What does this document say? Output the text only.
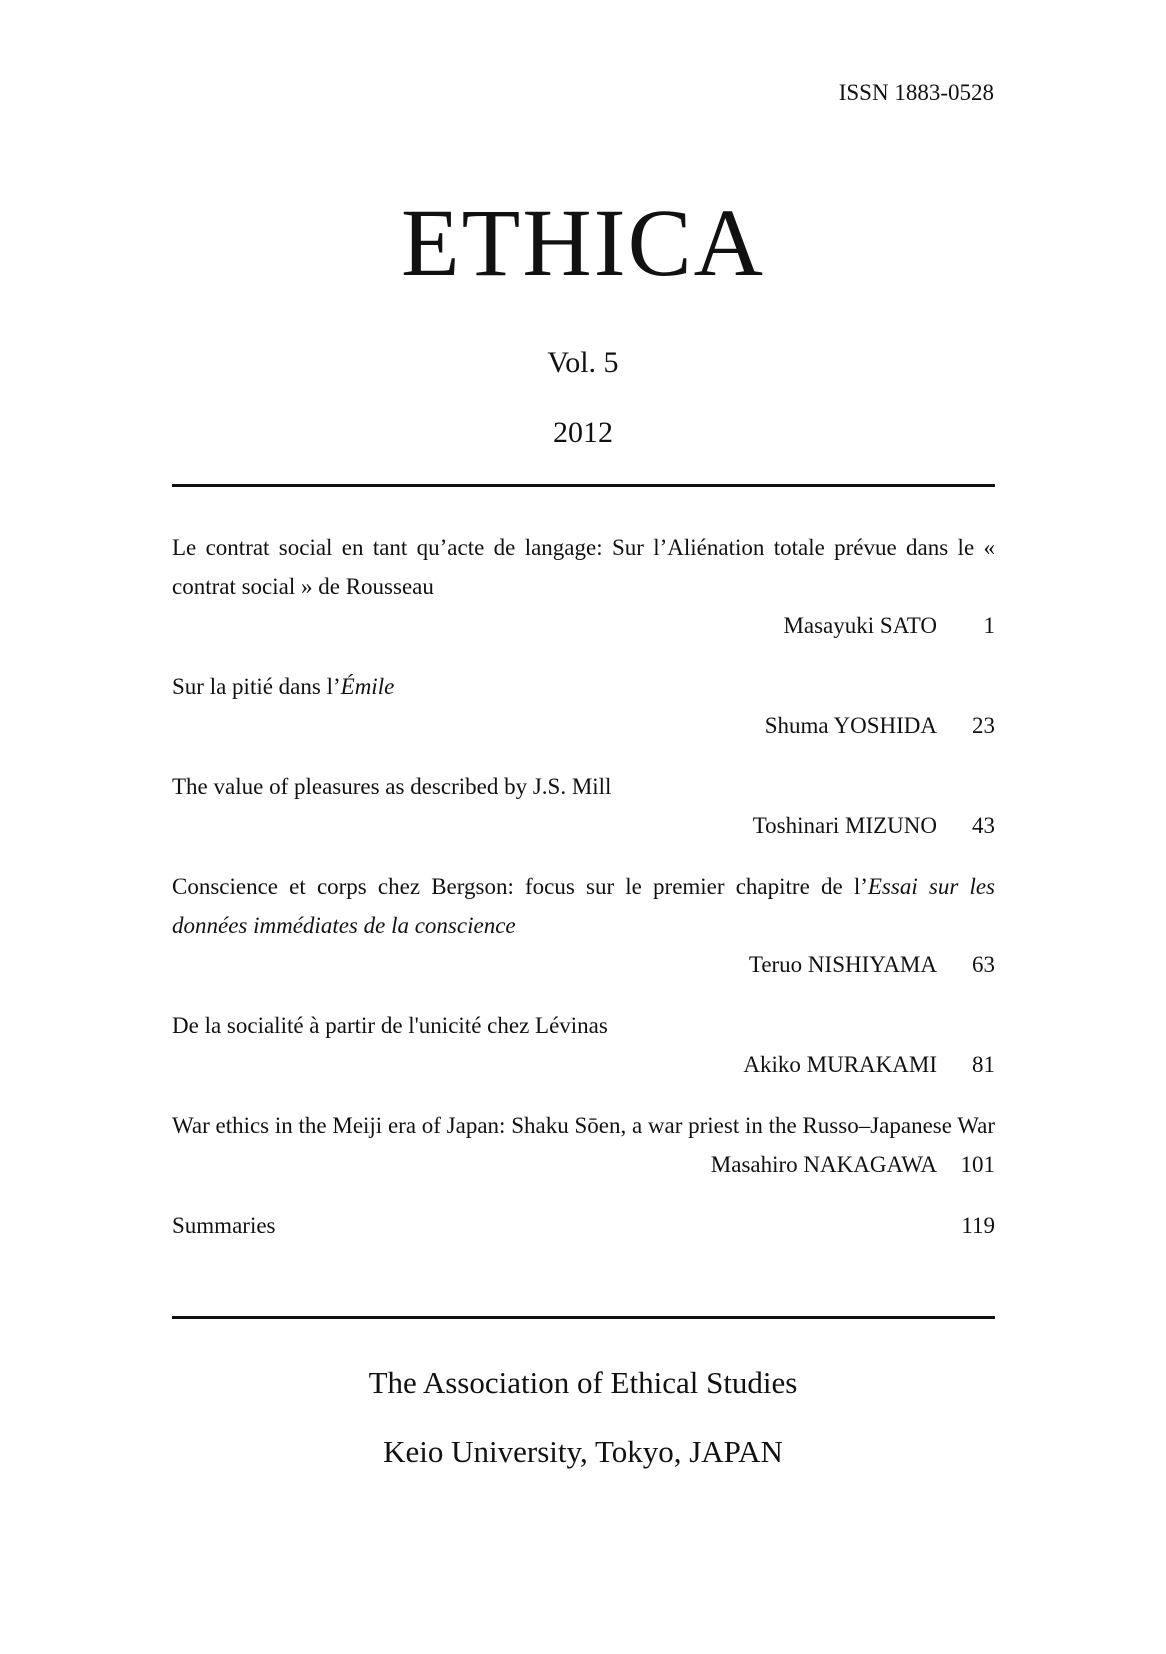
ISSN 1883-0528
ETHICA
Vol. 5
2012
Le contrat social en tant qu’acte de langage: Sur l’Aliénation totale prévue dans le « contrat social » de Rousseau
Masayuki SATO	1
Sur la pitié dans l’Émile
Shuma YOSHIDA	23
The value of pleasures as described by J.S. Mill
Toshinari MIZUNO	43
Conscience et corps chez Bergson: focus sur le premier chapitre de l’Essai sur les données immédiates de la conscience
Teruo NISHIYAMA	63
De la socialité à partir de l'unicité chez Lévinas
Akiko MURAKAMI	81
War ethics in the Meiji era of Japan: Shaku Sōen, a war priest in the Russo–Japanese War
Masahiro NAKAGAWA	101
Summaries	119
The Association of Ethical Studies
Keio University, Tokyo, JAPAN
